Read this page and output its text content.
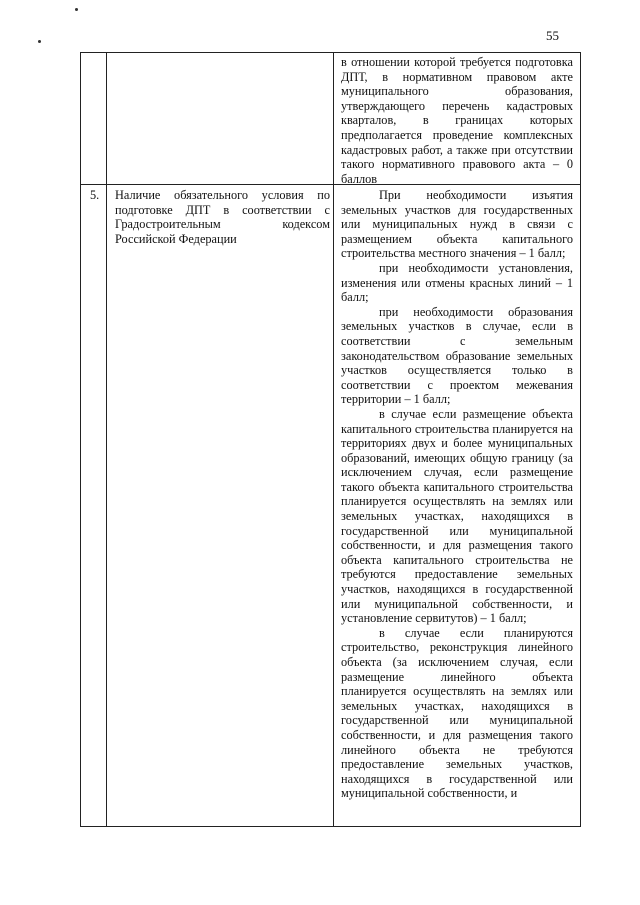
55

в отношении которой требуется подготовка ДПТ, в нормативном правовом акте муниципального образования, утверждающего перечень кадастровых кварталов, в границах которых предполагается проведение комплексных кадастровых работ, а также при отсутствии такого нормативного правового акта – 0 баллов

5. Наличие обязательного условия по подготовке ДПТ в соответствии с Градостроительным кодексом Российской Федерации

При необходимости изъятия земельных участков для государственных или муниципальных нужд в связи с размещением объекта капитального строительства местного значения – 1 балл;

при необходимости установления, изменения или отмены красных линий – 1 балл;

при необходимости образования земельных участков в случае, если в соответствии с земельным законодательством образование земельных участков осуществляется только в соответствии с проектом межевания территории – 1 балл;

в случае если размещение объекта капитального строительства планируется на территориях двух и более муниципальных образований, имеющих общую границу (за исключением случая, если размещение такого объекта капитального строительства планируется осуществлять на землях или земельных участках, находящихся в государственной или муниципальной собственности, и для размещения такого объекта капитального строительства не требуются предоставление земельных участков, находящихся в государственной или муниципальной собственности, и установление сервитутов) – 1 балл;

в случае если планируются строительство, реконструкция линейного объекта (за исключением случая, если размещение линейного объекта планируется осуществлять на землях или земельных участках, находящихся в государственной или муниципальной собственности, и для размещения такого линейного объекта не требуются предоставление земельных участков, находящихся в государственной или муниципальной собственности, и
